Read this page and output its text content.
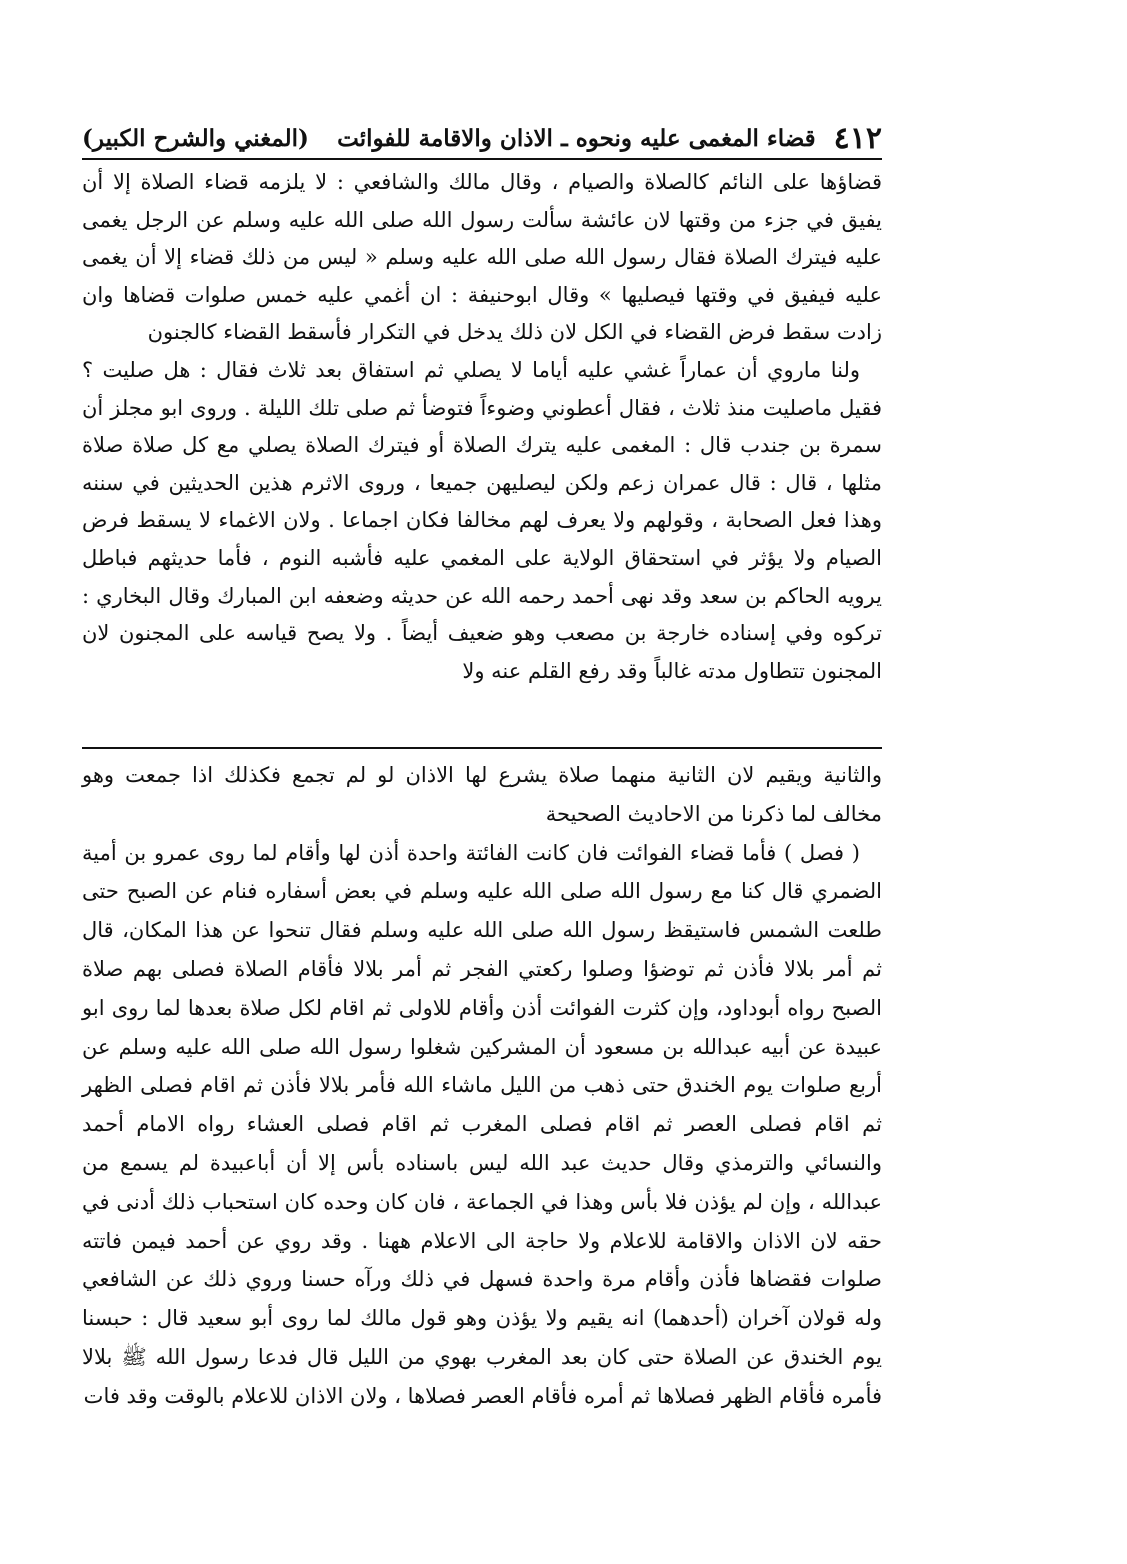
٤١٢
قضاء المغمى عليه ونحوه ـ الاذان والاقامة للفوائت
(المغني والشرح الكبير)

قضاؤها على النائم كالصلاة والصيام ، وقال مالك والشافعي : لا يلزمه قضاء الصلاة إلا أن يفيق في جزء من وقتها لان عائشة سألت رسول الله صلى الله عليه وسلم عن الرجل يغمى عليه فيترك الصلاة فقال رسول الله صلى الله عليه وسلم « ليس من ذلك قضاء إلا أن يغمى عليه فيفيق في وقتها فيصليها » وقال ابوحنيفة : ان أغمي عليه خمس صلوات قضاها وان زادت سقط فرض القضاء في الكل لان ذلك يدخل في التكرار فأسقط القضاء كالجنون

ولنا ماروي أن عماراً غشي عليه أياما لا يصلي ثم استفاق بعد ثلاث فقال : هل صليت ؟ فقيل ماصليت منذ ثلاث ، فقال أعطوني وضوءاً فتوضأ ثم صلى تلك الليلة . وروى ابو مجلز أن سمرة بن جندب قال : المغمى عليه يترك الصلاة أو فيترك الصلاة يصلي مع كل صلاة صلاة مثلها ، قال : قال عمران زعم ولكن ليصليهن جميعا ، وروى الاثرم هذين الحديثين في سننه وهذا فعل الصحابة ، وقولهم ولا يعرف لهم مخالفا فكان اجماعا . ولان الاغماء لا يسقط فرض الصيام ولا يؤثر في استحقاق الولاية على المغمي عليه فأشبه النوم ، فأما حديثهم فباطل يرويه الحاكم بن سعد وقد نهى أحمد رحمه الله عن حديثه وضعفه ابن المبارك وقال البخاري : تركوه وفي إسناده خارجة بن مصعب وهو ضعيف أيضاً . ولا يصح قياسه على المجنون لان المجنون تتطاول مدته غالباً وقد رفع القلم عنه ولا

والثانية ويقيم لان الثانية منهما صلاة يشرع لها الاذان لو لم تجمع فكذلك اذا جمعت وهو مخالف لما ذكرنا من الاحاديث الصحيحة

( فصل ) فأما قضاء الفوائت فان كانت الفائتة واحدة أذن لها وأقام لما روى عمرو بن أمية الضمري قال كنا مع رسول الله صلى الله عليه وسلم في بعض أسفاره فنام عن الصبح حتى طلعت الشمس فاستيقظ رسول الله صلى الله عليه وسلم فقال تنحوا عن هذا المكان، قال ثم أمر بلالا فأذن ثم توضؤا وصلوا ركعتي الفجر ثم أمر بلالا فأقام الصلاة فصلى بهم صلاة الصبح رواه أبوداود، وإن كثرت الفوائت أذن وأقام للاولى ثم اقام لكل صلاة بعدها لما روى ابو عبيدة عن أبيه عبدالله بن مسعود أن المشركين شغلوا رسول الله صلى الله عليه وسلم عن أربع صلوات يوم الخندق حتى ذهب من الليل ماشاء الله فأمر بلالا فأذن ثم اقام فصلى الظهر ثم اقام فصلى العصر ثم اقام فصلى المغرب ثم اقام فصلى العشاء رواه الامام أحمد والنسائي والترمذي وقال حديث عبد الله ليس باسناده بأس إلا أن أباعبيدة لم يسمع من عبدالله ، وإن لم يؤذن فلا بأس وهذا في الجماعة ، فان كان وحده كان استحباب ذلك أدنى في حقه لان الاذان والاقامة للاعلام ولا حاجة الى الاعلام ههنا . وقد روي عن أحمد فيمن فاتته صلوات فقضاها فأذن وأقام مرة واحدة فسهل في ذلك ورآه حسنا وروي ذلك عن الشافعي وله قولان آخران (أحدهما) انه يقيم ولا يؤذن وهو قول مالك لما روى أبو سعيد قال : حبسنا يوم الخندق عن الصلاة حتى كان بعد المغرب بهوي من الليل قال فدعا رسول الله ﷺ بلالا فأمره فأقام الظهر فصلاها ثم أمره فأقام العصر فصلاها ، ولان الاذان للاعلام بالوقت وقد فات
